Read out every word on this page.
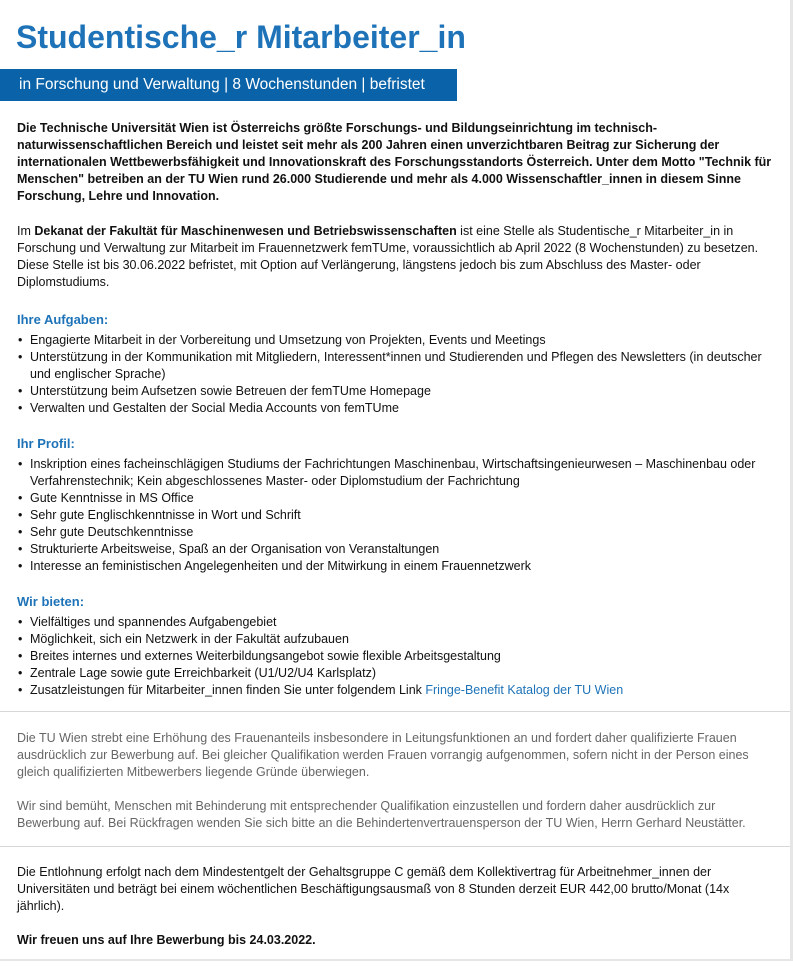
Studentische_r Mitarbeiter_in
in Forschung und Verwaltung | 8 Wochenstunden | befristet

Die Technische Universität Wien ist Österreichs größte Forschungs- und Bildungseinrichtung im technisch-naturwissenschaftlichen Bereich und leistet seit mehr als 200 Jahren einen unverzichtbaren Beitrag zur Sicherung der internationalen Wettbewerbsfähigkeit und Innovationskraft des Forschungsstandorts Österreich. Unter dem Motto "Technik für Menschen" betreiben an der TU Wien rund 26.000 Studierende und mehr als 4.000 Wissenschaftler_innen in diesem Sinne Forschung, Lehre und Innovation.

Im Dekanat der Fakultät für Maschinenwesen und Betriebswissenschaften ist eine Stelle als Studentische_r Mitarbeiter_in in Forschung und Verwaltung zur Mitarbeit im Frauennetzwerk femTUme, voraussichtlich ab April 2022 (8 Wochenstunden) zu besetzen. Diese Stelle ist bis 30.06.2022 befristet, mit Option auf Verlängerung, längstens jedoch bis zum Abschluss des Master- oder Diplomstudiums.

Ihre Aufgaben:
• Engagierte Mitarbeit in der Vorbereitung und Umsetzung von Projekten, Events und Meetings
• Unterstützung in der Kommunikation mit Mitgliedern, Interessent*innen und Studierenden und Pflegen des Newsletters (in deutscher und englischer Sprache)
• Unterstützung beim Aufsetzen sowie Betreuen der femTUme Homepage
• Verwalten und Gestalten der Social Media Accounts von femTUme
Ihr Profil:
• Inskription eines facheinschlägigen Studiums der Fachrichtungen Maschinenbau, Wirtschaftsingenieurwesen – Maschinenbau oder Verfahrenstechnik; Kein abgeschlossenes Master- oder Diplomstudium der Fachrichtung
• Gute Kenntnisse in MS Office
• Sehr gute Englischkenntnisse in Wort und Schrift
• Sehr gute Deutschkenntnisse
• Strukturierte Arbeitsweise, Spaß an der Organisation von Veranstaltungen
• Interesse an feministischen Angelegenheiten und der Mitwirkung in einem Frauennetzwerk
Wir bieten:
• Vielfältiges und spannendes Aufgabengebiet
• Möglichkeit, sich ein Netzwerk in der Fakultät aufzubauen
• Breites internes und externes Weiterbildungsangebot sowie flexible Arbeitsgestaltung
• Zentrale Lage sowie gute Erreichbarkeit (U1/U2/U4 Karlsplatz)
• Zusatzleistungen für Mitarbeiter_innen finden Sie unter folgendem Link Fringe-Benefit Katalog der TU Wien

Die TU Wien strebt eine Erhöhung des Frauenanteils insbesondere in Leitungsfunktionen an und fordert daher qualifizierte Frauen ausdrücklich zur Bewerbung auf. Bei gleicher Qualifikation werden Frauen vorrangig aufgenommen, sofern nicht in der Person eines gleich qualifizierten Mitbewerbers liegende Gründe überwiegen.

Wir sind bemüht, Menschen mit Behinderung mit entsprechender Qualifikation einzustellen und fordern daher ausdrücklich zur Bewerbung auf. Bei Rückfragen wenden Sie sich bitte an die Behindertenvertrauensperson der TU Wien, Herrn Gerhard Neustätter.

Die Entlohnung erfolgt nach dem Mindestentgelt der Gehaltsgruppe C gemäß dem Kollektivertrag für Arbeitnehmer_innen der Universitäten und beträgt bei einem wöchentlichen Beschäftigungsausmaß von 8 Stunden derzeit EUR 442,00 brutto/Monat (14x jährlich).

Wir freuen uns auf Ihre Bewerbung bis 24.03.2022.
